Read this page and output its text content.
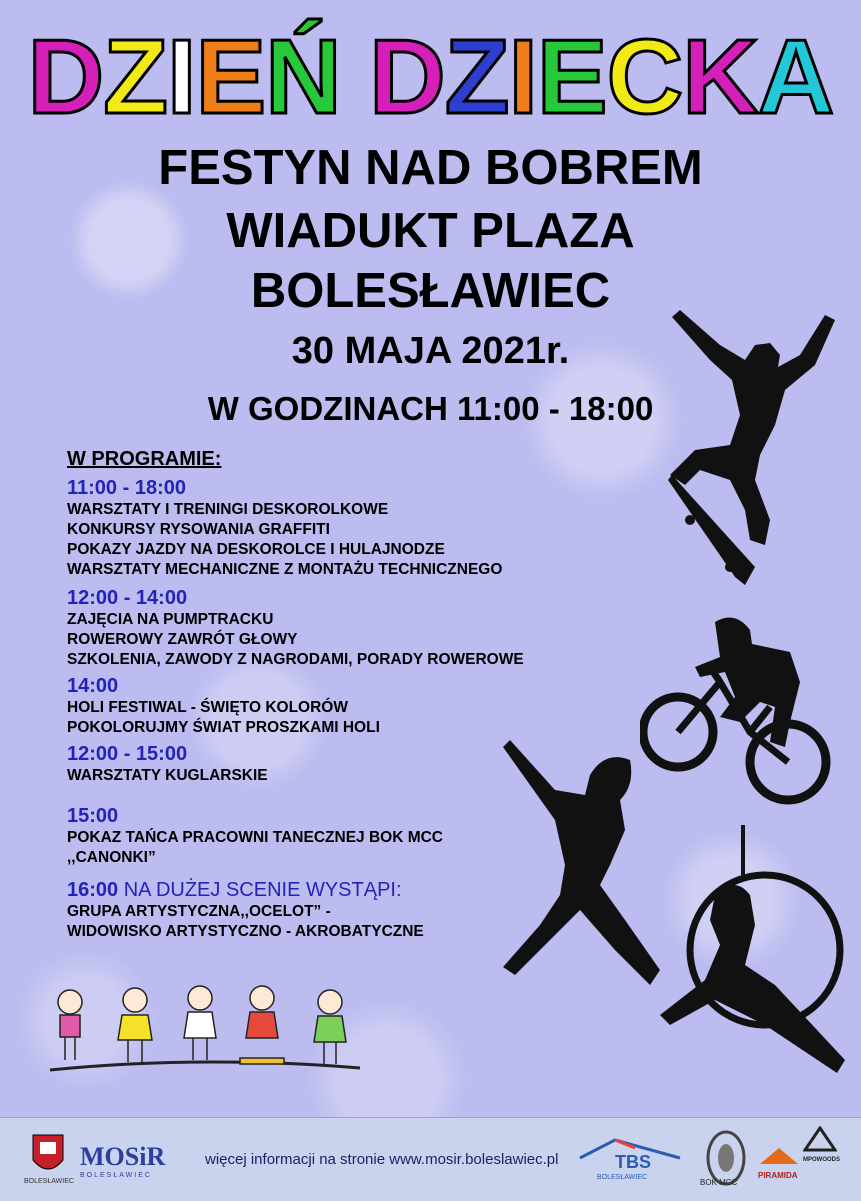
DZIEŃ DZIECKA
FESTYN NAD BOBREM
WIADUKT PLAZA
BOLESŁAWIEC
30 MAJA 2021r.
W GODZINACH 11:00 - 18:00
W PROGRAMIE:
11:00 - 18:00
WARSZTATY I TRENINGI DESKOROLKOWE
KONKURSY RYSOWANIA GRAFFITI
POKAZY JAZDY NA DESKOROLCE I HULAJNODZE
WARSZTATY MECHANICZNE Z MONTAŻU TECHNICZNEGO
12:00 - 14:00
ZAJĘCIA NA PUMPTRACKU
ROWEROWY ZAWRÓT GŁOWY
SZKOLENIA, ZAWODY Z NAGRODAMI, PORADY ROWEROWE
14:00
HOLI FESTIWAL - ŚWIĘTO KOLORÓW
POKOLORUJMY ŚWIAT PROSZKAMI HOLI
12:00 - 15:00
WARSZTATY KUGLARSKIE
15:00
POKAZ TAŃCA PRACOWNI TANECZNEJ BOK MCC
,,CANONKI”
16:00 NA DUŻEJ SCENIE WYSTĄPI:
GRUPA ARTYSTYCZNA,,OCELOT” -
WIDOWISKO ARTYSTYCZNO - AKROBATYCZNE
BOLESŁAWIEC
MOSiR
BOLESŁAWIEC
więcej informacji na stronie www.mosir.boleslawiec.pl	TBS
BOLESŁAWIEC
BOK MCC
PIRAMIDA
MPOWOODS
